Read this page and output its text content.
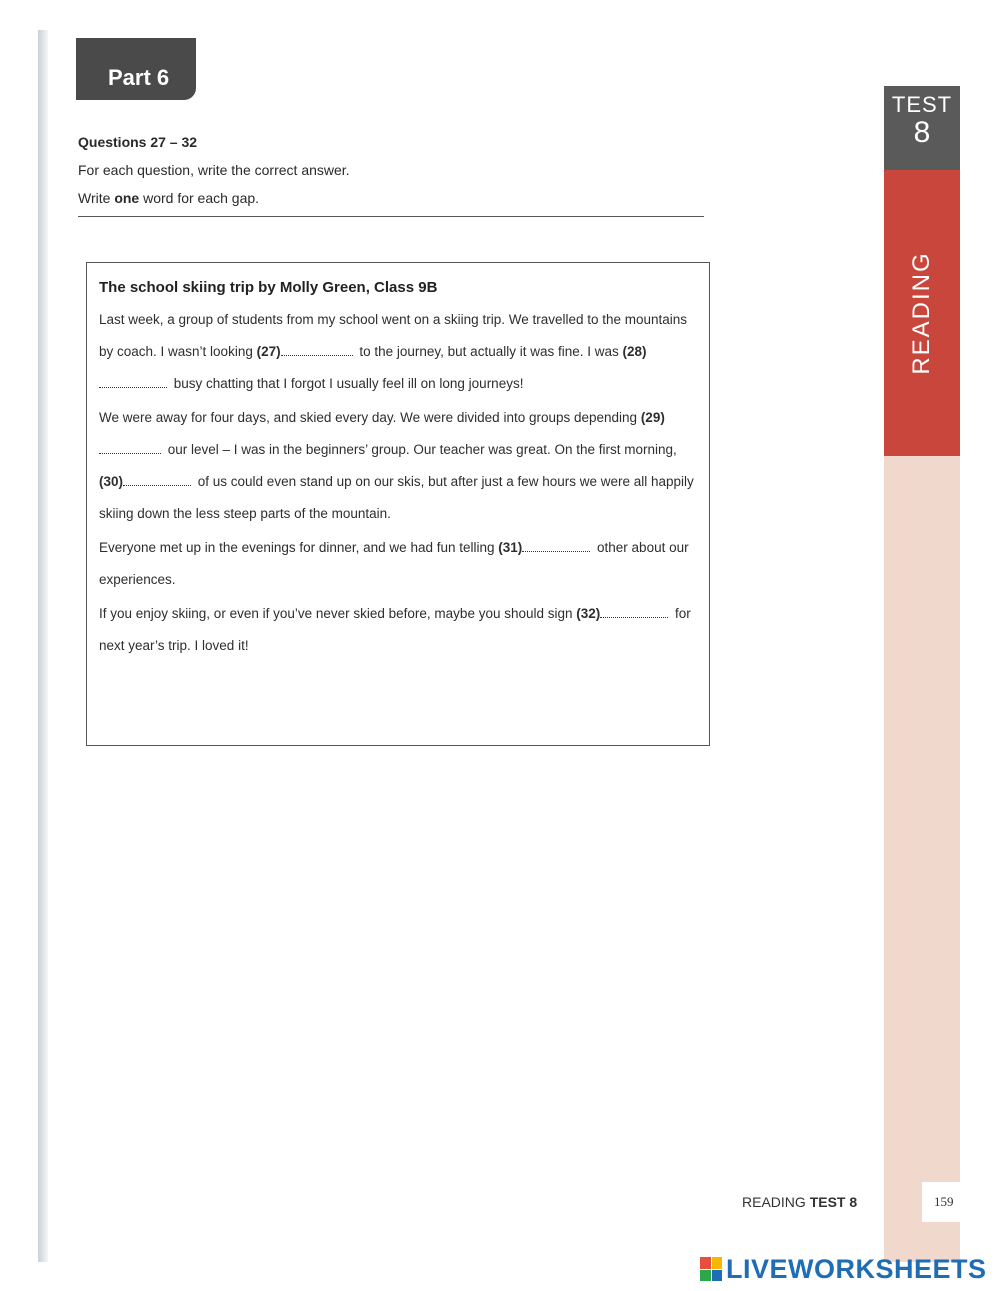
Part 6
Questions 27 – 32
For each question, write the correct answer.
Write one word for each gap.
The school skiing trip by Molly Green, Class 9B

Last week, a group of students from my school went on a skiing trip. We travelled to the mountains by coach. I wasn’t looking (27)	to the journey, but actually it was fine. I was (28) busy chatting that I forgot I usually feel ill on long journeys!

We were away for four days, and skied every day. We were divided into groups depending (29) our level – I was in the beginners’ group. Our teacher was great. On the first morning, (30)	of us could even stand up on our skis, but after just a few hours we were all happily skiing down the less steep parts of the mountain.

Everyone met up in the evenings for dinner, and we had fun telling (31)	other about our experiences.

If you enjoy skiing, or even if you’ve never skied before, maybe you should sign (32)	for next year’s trip. I loved it!

TEST
8
READING
READING TEST 8	159
LIVEWORKSHEETS
